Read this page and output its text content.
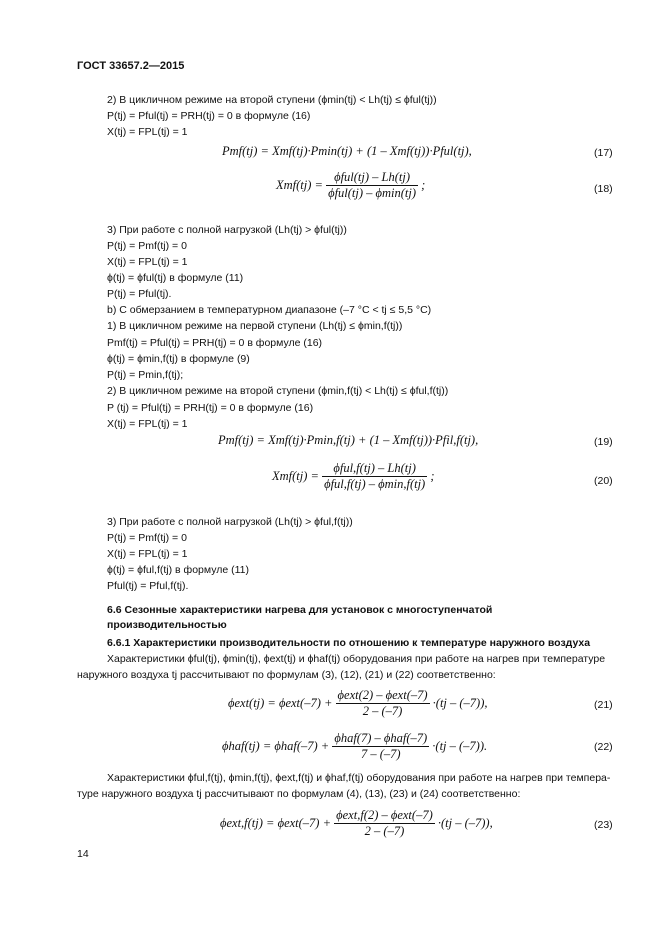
ГОСТ 33657.2—2015
2) В цикличном режиме на второй ступени (ϕmin(tj) < Lh(tj) ≤ ϕful(tj))
P(tj) = Pful(tj) = PRH(tj) = 0 в формуле (16)
X(tj) = FPL(tj) = 1
Pmf(tj) = Xmf(tj)·Pmin(tj) + (1 – Xmf(tj))·Pful(tj),	(17)
$Xmf(tj) = \frac{\text{ϕful(tj) – Lh(tj)}}{\text{ϕful(tj) – ϕmin(tj)}}$ ;	(18)
3) При работе с полной нагрузкой (Lh(tj) > ϕful(tj))
P(tj) = Pmf(tj) = 0
X(tj) = FPL(tj) = 1
ϕ(tj) = ϕful(tj) в формуле (11)
P(tj) = Pful(tj).
b) С обмерзанием в температурном диапазоне (–7 °C < tj ≤ 5,5 °C)
1) В цикличном режиме на первой ступени (Lh(tj) ≤ ϕmin,f(tj))
Pmf(tj) = Pful(tj) = PRH(tj) = 0 в формуле (16)
ϕ(tj) = ϕmin,f(tj) в формуле (9)
P(tj) = Pmin,f(tj);
2) В цикличном режиме на второй ступени (ϕmin,f(tj) < Lh(tj) ≤ ϕful,f(tj))
P (tj) = Pful(tj) = PRH(tj) = 0 в формуле (16)
X(tj) = FPL(tj) = 1
Pmf(tj) = Xmf(tj)·Pmin,f(tj) + (1 – Xmf(tj))·Pfil,f(tj),	(19)
$Xmf(tj) = \frac{\text{ϕful,f(tj) – Lh(tj)}}{\text{ϕful,f(tj) – ϕmin,f(tj)}}$ ;	(20)
3) При работе с полной нагрузкой (Lh(tj) > ϕful,f(tj))
P(tj) = Pmf(tj) = 0
X(tj) = FPL(tj) = 1
ϕ(tj) = ϕful,f(tj) в формуле (11)
Pful(tj) = Pful,f(tj).
6.6 Сезонные характеристики нагрева для установок с многоступенчатой
производительностью
6.6.1 Характеристики производительности по отношению к температуре наружного воздуха
Характеристики ϕful(tj), ϕmin(tj), ϕext(tj) и ϕhaf(tj) оборудования при работе на нагрев при температуре
наружного воздуха tj рассчитывают по формулам (3), (12), (21) и (22) соответственно:
$\phi ext(tj) = \phi ext(-7) + \frac{\text{ϕext(2) – ϕext(–7)}}{2 - (-7)} \cdot(tj - (-7))$,	(21)
$\phi haf(tj) = \phi haf(-7) + \frac{\text{ϕhaf(7) – ϕhaf(–7)}}{7 - (-7)} \cdot(tj - (-7))$.	(22)
Характеристики ϕful,f(tj), ϕmin,f(tj), ϕext,f(tj) и ϕhaf,f(tj) оборудования при работе на нагрев при темпера-
туре наружного воздуха tj рассчитывают по формулам (4), (13), (23) и (24) соответственно:
$\phi ext,f(tj) = \phi ext(-7) + \frac{\text{ϕext,f(2) – ϕext(–7)}}{2 - (-7)} \cdot(tj - (-7))$,	(23)
14
